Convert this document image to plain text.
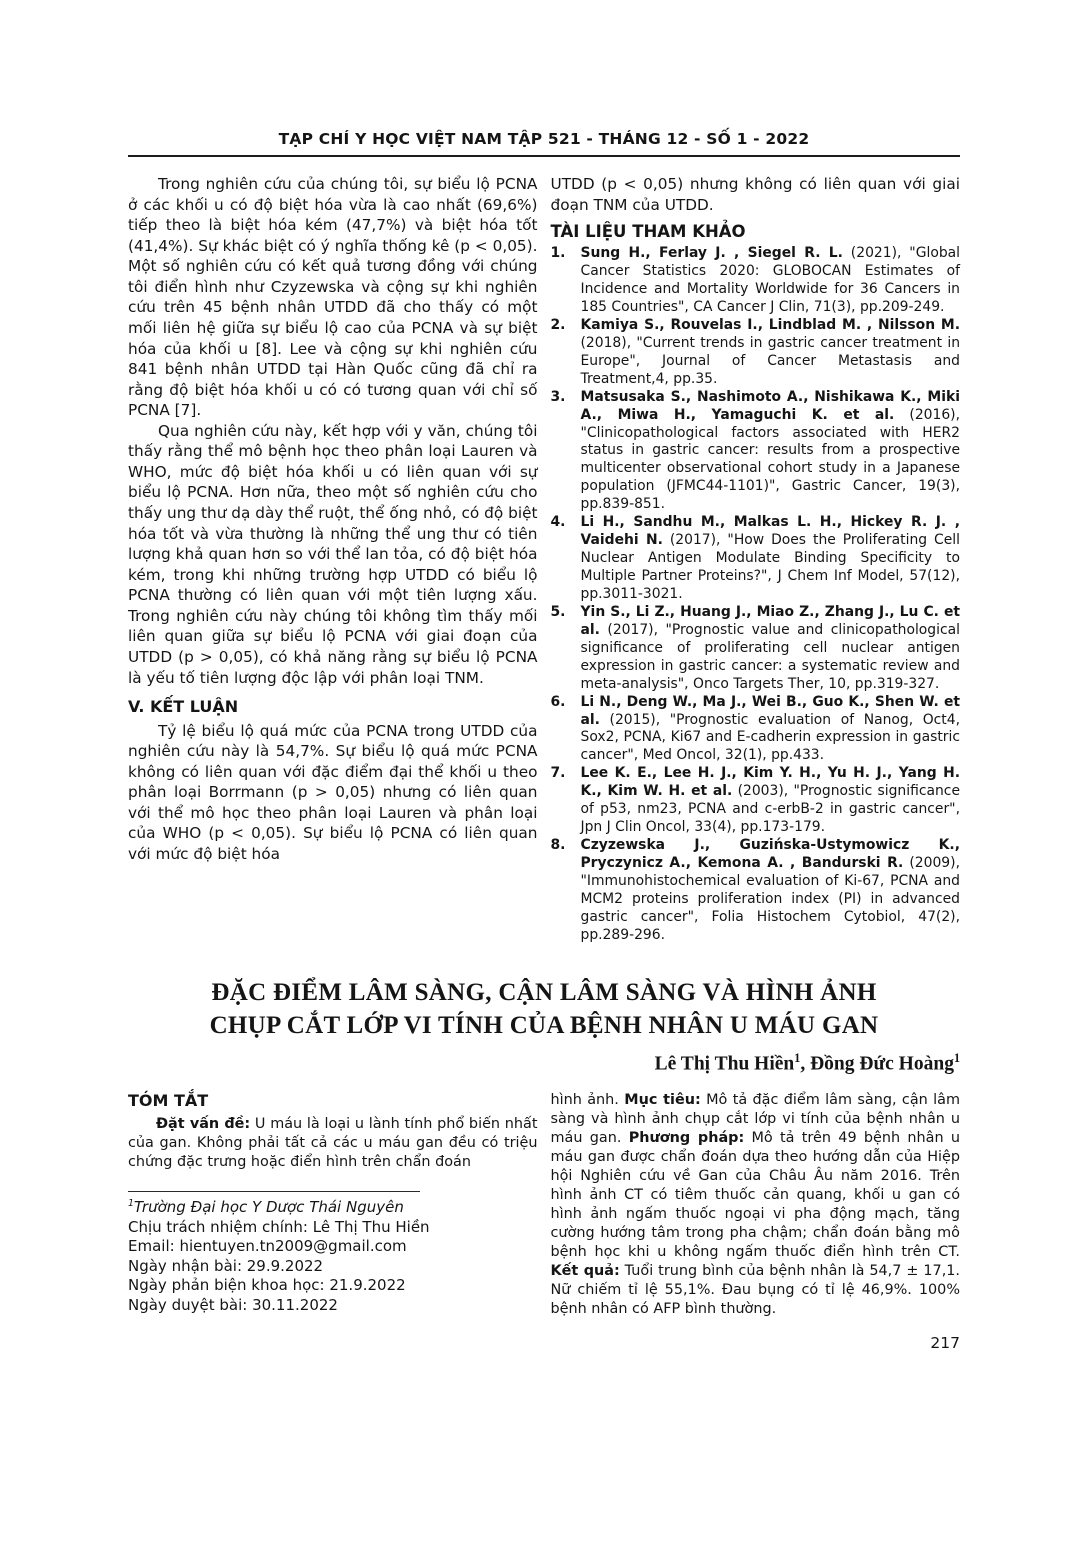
TẠP CHÍ Y HỌC VIỆT NAM TẬP 521 - THÁNG 12 - SỐ 1 - 2022

Trong nghiên cứu của chúng tôi, sự biểu lộ PCNA ở các khối u có độ biệt hóa vừa là cao nhất (69,6%) tiếp theo là biệt hóa kém (47,7%) và biệt hóa tốt (41,4%). Sự khác biệt có ý nghĩa thống kê (p < 0,05). Một số nghiên cứu có kết quả tương đồng với chúng tôi điển hình như Czyzewska và cộng sự khi nghiên cứu trên 45 bệnh nhân UTDD đã cho thấy có một mối liên hệ giữa sự biểu lộ cao của PCNA và sự biệt hóa của khối u [8]. Lee và cộng sự khi nghiên cứu 841 bệnh nhân UTDD tại Hàn Quốc cũng đã chỉ ra rằng độ biệt hóa khối u có có tương quan với chỉ số PCNA [7].

Qua nghiên cứu này, kết hợp với y văn, chúng tôi thấy rằng thể mô bệnh học theo phân loại Lauren và WHO, mức độ biệt hóa khối u có liên quan với sự biểu lộ PCNA. Hơn nữa, theo một số nghiên cứu cho thấy ung thư dạ dày thể ruột, thể ống nhỏ, có độ biệt hóa tốt và vừa thường là những thể ung thư có tiên lượng khả quan hơn so với thể lan tỏa, có độ biệt hóa kém, trong khi những trường hợp UTDD có biểu lộ PCNA thường có liên quan với một tiên lượng xấu. Trong nghiên cứu này chúng tôi không tìm thấy mối liên quan giữa sự biểu lộ PCNA với giai đoạn của UTDD (p > 0,05), có khả năng rằng sự biểu lộ PCNA là yếu tố tiên lượng độc lập với phân loại TNM.

V. KẾT LUẬN

Tỷ lệ biểu lộ quá mức của PCNA trong UTDD của nghiên cứu này là 54,7%. Sự biểu lộ quá mức PCNA không có liên quan với đặc điểm đại thể khối u theo phân loại Borrmann (p > 0,05) nhưng có liên quan với thể mô học theo phân loại Lauren và phân loại của WHO (p < 0,05). Sự biểu lộ PCNA có liên quan với mức độ biệt hóa

UTDD (p < 0,05) nhưng không có liên quan với giai đoạn TNM của UTDD.
TÀI LIỆU THAM KHẢO
1.	Sung H., Ferlay J. , Siegel R. L. (2021), "Global Cancer Statistics 2020: GLOBOCAN Estimates of Incidence and Mortality Worldwide for 36 Cancers in 185 Countries", CA Cancer J Clin, 71(3), pp.209-249.
2.	Kamiya S., Rouvelas I., Lindblad M. , Nilsson M. (2018), "Current trends in gastric cancer treatment in Europe", Journal of Cancer Metastasis and Treatment,4, pp.35.
3.	Matsusaka S., Nashimoto A., Nishikawa K., Miki A., Miwa H., Yamaguchi K. et al. (2016), "Clinicopathological factors associated with HER2 status in gastric cancer: results from a prospective multicenter observational cohort study in a Japanese population (JFMC44-1101)", Gastric Cancer, 19(3), pp.839-851.
4.	Li H., Sandhu M., Malkas L. H., Hickey R. J. , Vaidehi N. (2017), "How Does the Proliferating Cell Nuclear Antigen Modulate Binding Specificity to Multiple Partner Proteins?", J Chem Inf Model, 57(12), pp.3011-3021.
5.	Yin S., Li Z., Huang J., Miao Z., Zhang J., Lu C. et al. (2017), "Prognostic value and clinicopathological significance of proliferating cell nuclear antigen expression in gastric cancer: a systematic review and meta-analysis", Onco Targets Ther, 10, pp.319-327.
6.	Li N., Deng W., Ma J., Wei B., Guo K., Shen W. et al. (2015), "Prognostic evaluation of Nanog, Oct4, Sox2, PCNA, Ki67 and E-cadherin expression in gastric cancer", Med Oncol, 32(1), pp.433.
7.	Lee K. E., Lee H. J., Kim Y. H., Yu H. J., Yang H. K., Kim W. H. et al. (2003), "Prognostic significance of p53, nm23, PCNA and c-erbB-2 in gastric cancer", Jpn J Clin Oncol, 33(4), pp.173-179.
8.	Czyzewska J., Guzińska-Ustymowicz K., Pryczynicz A., Kemona A. , Bandurski R. (2009), "Immunohistochemical evaluation of Ki-67, PCNA and MCM2 proteins proliferation index (PI) in advanced gastric cancer", Folia Histochem Cytobiol, 47(2), pp.289-296.
ĐẶC ĐIỂM LÂM SÀNG, CẬN LÂM SÀNG VÀ HÌNH ẢNH
CHỤP CẮT LỚP VI TÍNH CỦA BỆNH NHÂN U MÁU GAN
Lê Thị Thu Hiền$^1$, Đồng Đức Hoàng$^1$
TÓM TẮT

Đặt vấn đề: U máu là loại u lành tính phổ biến nhất của gan. Không phải tất cả các u máu gan đều có triệu chứng đặc trưng hoặc điển hình trên chẩn đoán

$^1$Trường Đại học Y Dược Thái Nguyên
Chịu trách nhiệm chính: Lê Thị Thu Hiền
Email: hientuyen.tn2009@gmail.com
Ngày nhận bài: 29.9.2022
Ngày phản biện khoa học: 21.9.2022
Ngày duyệt bài: 30.11.2022

hình ảnh. Mục tiêu: Mô tả đặc điểm lâm sàng, cận lâm sàng và hình ảnh chụp cắt lớp vi tính của bệnh nhân u máu gan. Phương pháp: Mô tả trên 49 bệnh nhân u máu gan được chẩn đoán dựa theo hướng dẫn của Hiệp hội Nghiên cứu về Gan của Châu Âu năm 2016. Trên hình ảnh CT có tiêm thuốc cản quang, khối u gan có hình ảnh ngấm thuốc ngoại vi pha động mạch, tăng cường hướng tâm trong pha chậm; chẩn đoán bằng mô bệnh học khi u không ngấm thuốc điển hình trên CT. Kết quả: Tuổi trung bình của bệnh nhân là 54,7 ± 17,1. Nữ chiếm tỉ lệ 55,1%. Đau bụng có tỉ lệ 46,9%. 100% bệnh nhân có AFP bình thường.

217
